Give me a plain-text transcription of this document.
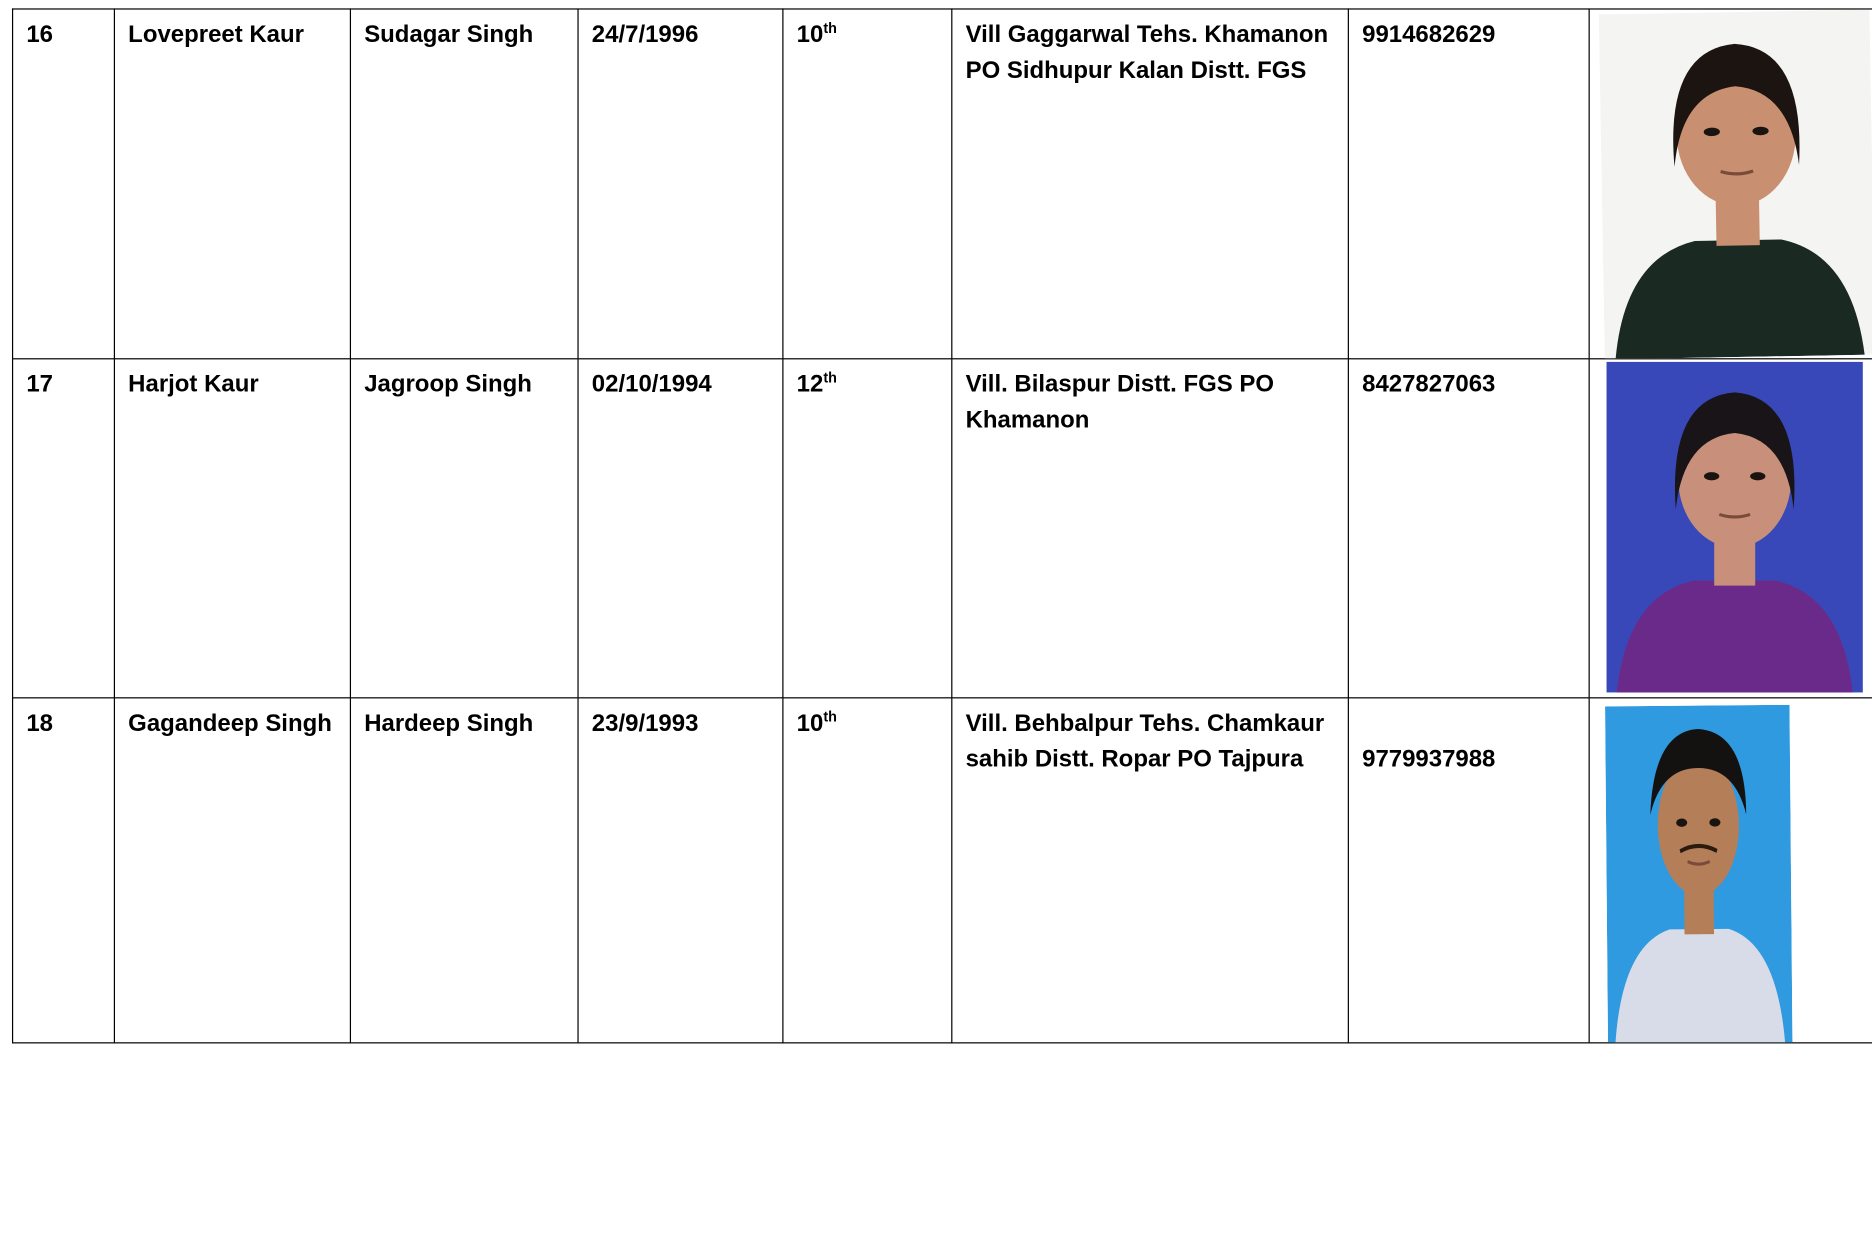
16	Lovepreet Kaur	Sudagar Singh	24/7/1996	10th	Vill Gaggarwal Tehs. Khamanon PO Sidhupur Kalan Distt. FGS	9914682629	

17	Harjot Kaur	Jagroop Singh	02/10/1994	12th	Vill. Bilaspur Distt. FGS PO Khamanon	8427827063	

18	Gagandeep Singh	Hardeep Singh	23/9/1993	10th	Vill. Behbalpur Tehs. Chamkaur sahib Distt. Ropar PO Tajpura	9779937988	
